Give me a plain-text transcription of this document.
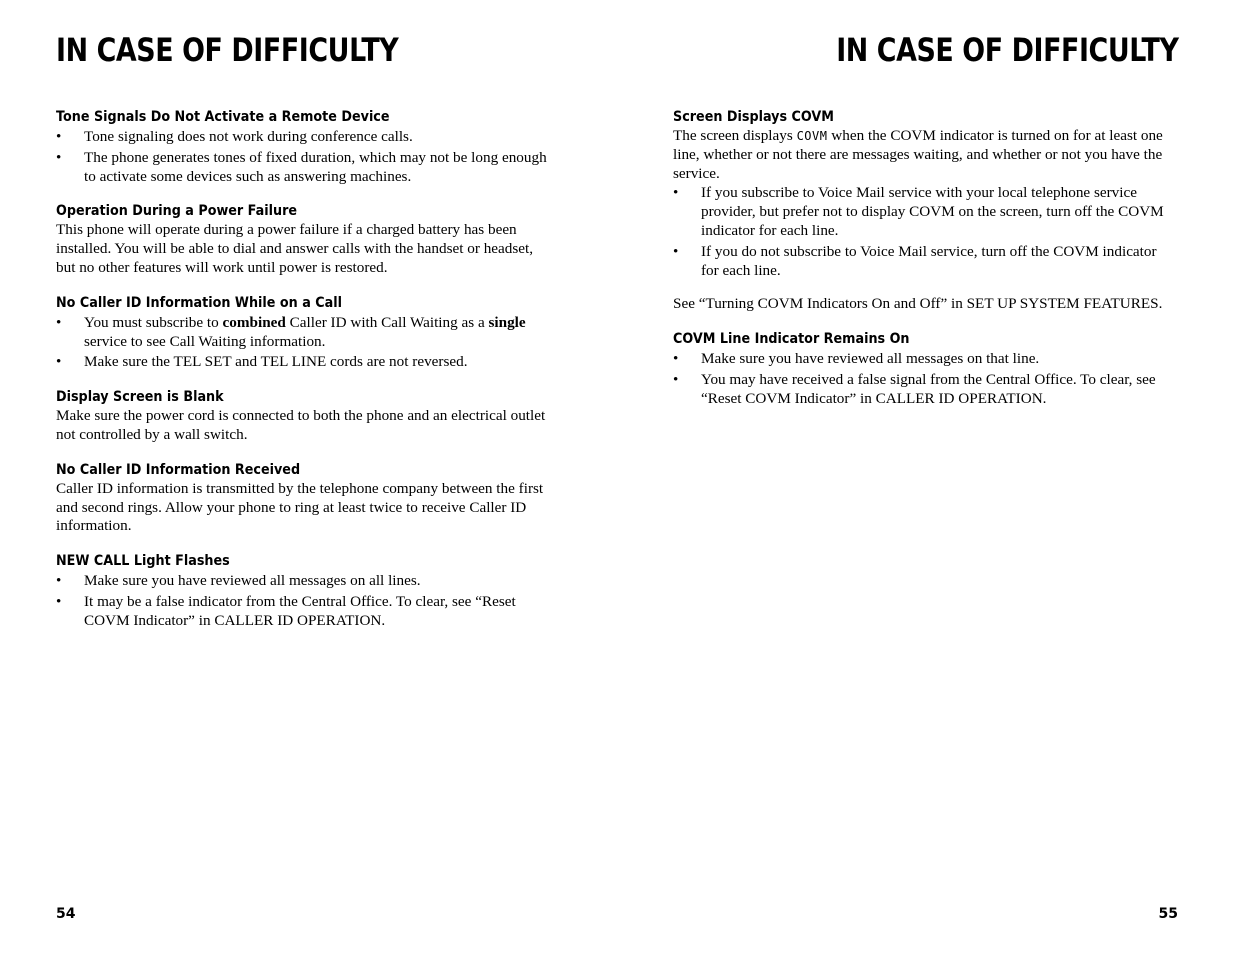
IN CASE OF DIFFICULTY
Tone Signals Do Not Activate a Remote Device
• Tone signaling does not work during conference calls.
• The phone generates tones of fixed duration, which may not be long enough to activate some devices such as answering machines.
Operation During a Power Failure

This phone will operate during a power failure if a charged battery has been installed. You will be able to dial and answer calls with the handset or headset, but no other features will work until power is restored.

No Caller ID Information While on a Call
• You must subscribe to combined Caller ID with Call Waiting as a single service to see Call Waiting information.
• Make sure the TEL SET and TEL LINE cords are not reversed.
Display Screen is Blank

Make sure the power cord is connected to both the phone and an electrical outlet not controlled by a wall switch.

No Caller ID Information Received

Caller ID information is transmitted by the telephone company between the first and second rings. Allow your phone to ring at least twice to receive Caller ID information.

NEW CALL Light Flashes
• Make sure you have reviewed all messages on all lines.
• It may be a false indicator from the Central Office. To clear, see “Reset COVM Indicator” in CALLER ID OPERATION.
54
IN CASE OF DIFFICULTY
Screen Displays COVM

The screen displays COVM when the COVM indicator is turned on for at least one line, whether or not there are messages waiting, and whether or not you have the service.

• If you subscribe to Voice Mail service with your local telephone service provider, but prefer not to display COVM on the screen, turn off the COVM indicator for each line.
• If you do not subscribe to Voice Mail service, turn off the COVM indicator for each line.

See “Turning COVM Indicators On and Off” in SET UP SYSTEM FEATURES.

COVM Line Indicator Remains On
• Make sure you have reviewed all messages on that line.
• You may have received a false signal from the Central Office. To clear, see “Reset COVM Indicator” in CALLER ID OPERATION.
55
